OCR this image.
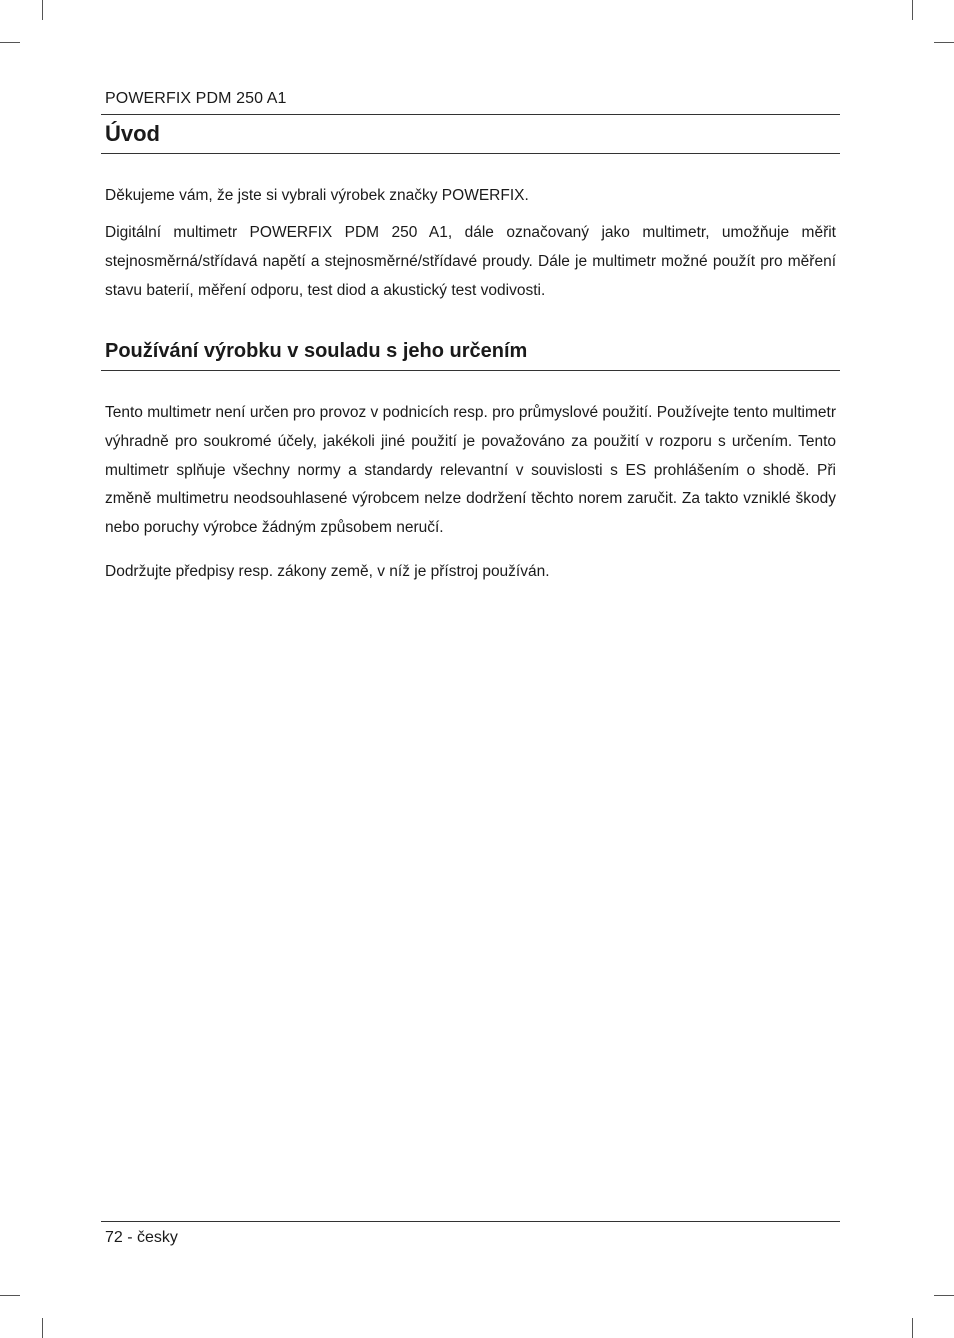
POWERFIX PDM 250 A1
Úvod

Děkujeme vám, že jste si vybrali výrobek značky POWERFIX.

Digitální multimetr POWERFIX PDM 250 A1, dále označovaný jako multimetr, umožňuje měřit stejnosměrná/střídavá napětí a stejnosměrné/střídavé proudy. Dále je multimetr možné použít pro měření stavu baterií, měření odporu, test diod a akustický test vodivosti.

Používání výrobku v souladu s jeho určením

Tento multimetr není určen pro provoz v podnicích resp. pro průmyslové použití. Používejte tento multimetr výhradně pro soukromé účely, jakékoli jiné použití je považováno za použití v rozporu s určením. Tento multimetr splňuje všechny normy a standardy relevantní v souvislosti s ES prohlášením o shodě. Při změně multimetru neodsouhlasené výrobcem nelze dodržení těchto norem zaručit. Za takto vzniklé škody nebo poruchy výrobce žádným způsobem neručí.

Dodržujte předpisy resp. zákony země, v níž je přístroj používán.

72 - česky
